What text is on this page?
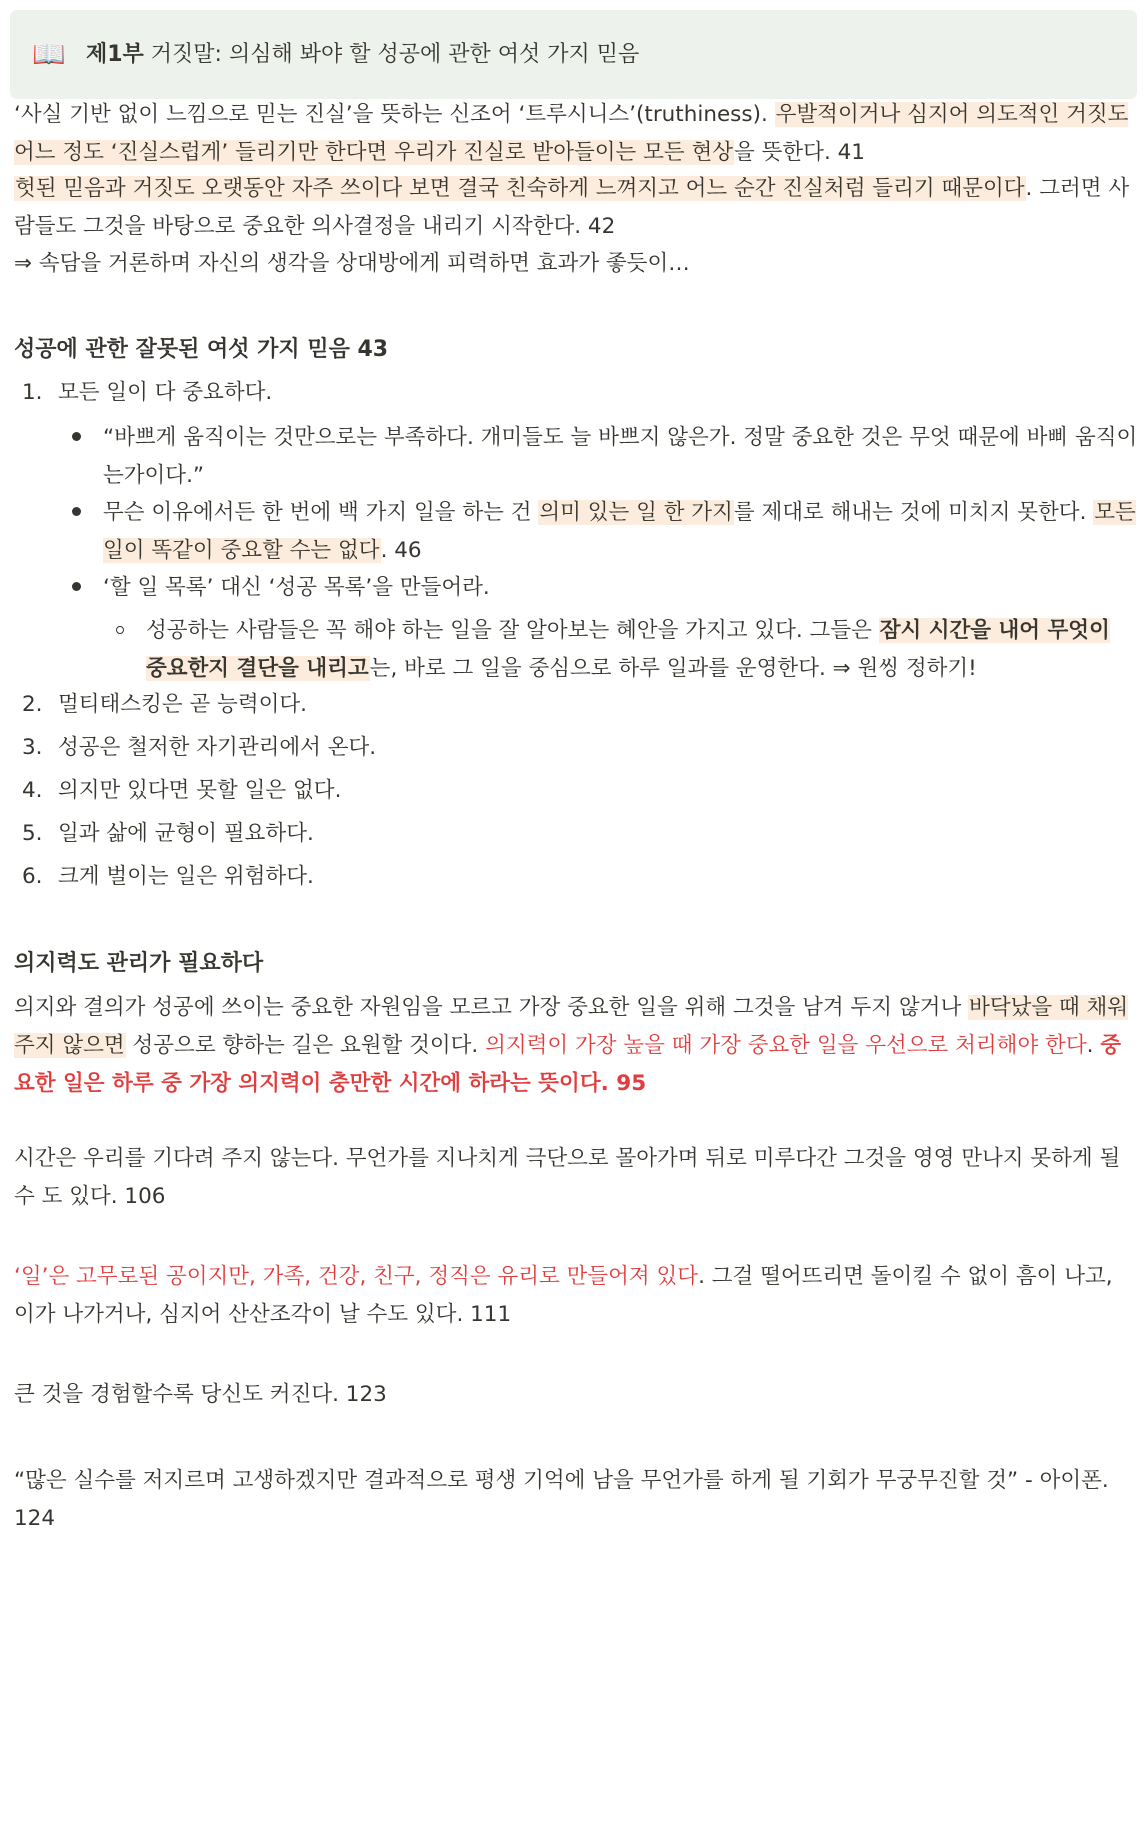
📖 제1부 거짓말: 의심해 봐야 할 성공에 관한 여섯 가지 믿음
‘사실 기반 없이 느낌으로 믿는 진실’을 뜻하는 신조어 ‘트루시니스’(truthiness). 우발적이거나 심지어 의도적인 거짓도 어느 정도 ‘진실스럽게’ 들리기만 한다면 우리가 진실로 받아들이는 모든 현상을 뜻한다. 41
헛된 믿음과 거짓도 오랫동안 자주 쓰이다 보면 결국 친숙하게 느껴지고 어느 순간 진실처럼 들리기 때문이다. 그러면 사람들도 그것을 바탕으로 중요한 의사결정을 내리기 시작한다. 42
⇒ 속담을 거론하며 자신의 생각을 상대방에게 피력하면 효과가 좋듯이…
성공에 관한 잘못된 여섯 가지 믿음 43
1. 모든 일이 다 중요하다.
“바쁘게 움직이는 것만으로는 부족하다. 개미들도 늘 바쁘지 않은가. 정말 중요한 것은 무엇 때문에 바삐 움직이는가이다.”
무슨 이유에서든 한 번에 백 가지 일을 하는 건 의미 있는 일 한 가지를 제대로 해내는 것에 미치지 못한다. 모든 일이 똑같이 중요할 수는 없다. 46
‘할 일 목록’ 대신 ‘성공 목록’을 만들어라.
성공하는 사람들은 꼭 해야 하는 일을 잘 알아보는 혜안을 가지고 있다. 그들은 잠시 시간을 내어 무엇이 중요한지 결단을 내리고는, 바로 그 일을 중심으로 하루 일과를 운영한다. ⇒ 원씽 정하기!
2. 멀티태스킹은 곧 능력이다.
3. 성공은 철저한 자기관리에서 온다.
4. 의지만 있다면 못할 일은 없다.
5. 일과 삶에 균형이 필요하다.
6. 크게 벌이는 일은 위험하다.
의지력도 관리가 필요하다
의지와 결의가 성공에 쓰이는 중요한 자원임을 모르고 가장 중요한 일을 위해 그것을 남겨 두지 않거나 바닥났을 때 채워 주지 않으면 성공으로 향하는 길은 요원할 것이다. 의지력이 가장 높을 때 가장 중요한 일을 우선으로 처리해야 한다. 중요한 일은 하루 중 가장 의지력이 충만한 시간에 하라는 뜻이다. 95
시간은 우리를 기다려 주지 않는다. 무언가를 지나치게 극단으로 몰아가며 뒤로 미루다간 그것을 영영 만나지 못하게 될 수 도 있다. 106
‘일’은 고무로된 공이지만, 가족, 건강, 친구, 정직은 유리로 만들어져 있다. 그걸 떨어뜨리면 돌이킬 수 없이 흠이 나고, 이가 나가거나, 심지어 산산조각이 날 수도 있다. 111
큰 것을 경험할수록 당신도 커진다. 123
“많은 실수를 저지르며 고생하겠지만 결과적으로 평생 기억에 남을 무언가를 하게 될 기회가 무궁무진할 것” - 아이폰. 124
